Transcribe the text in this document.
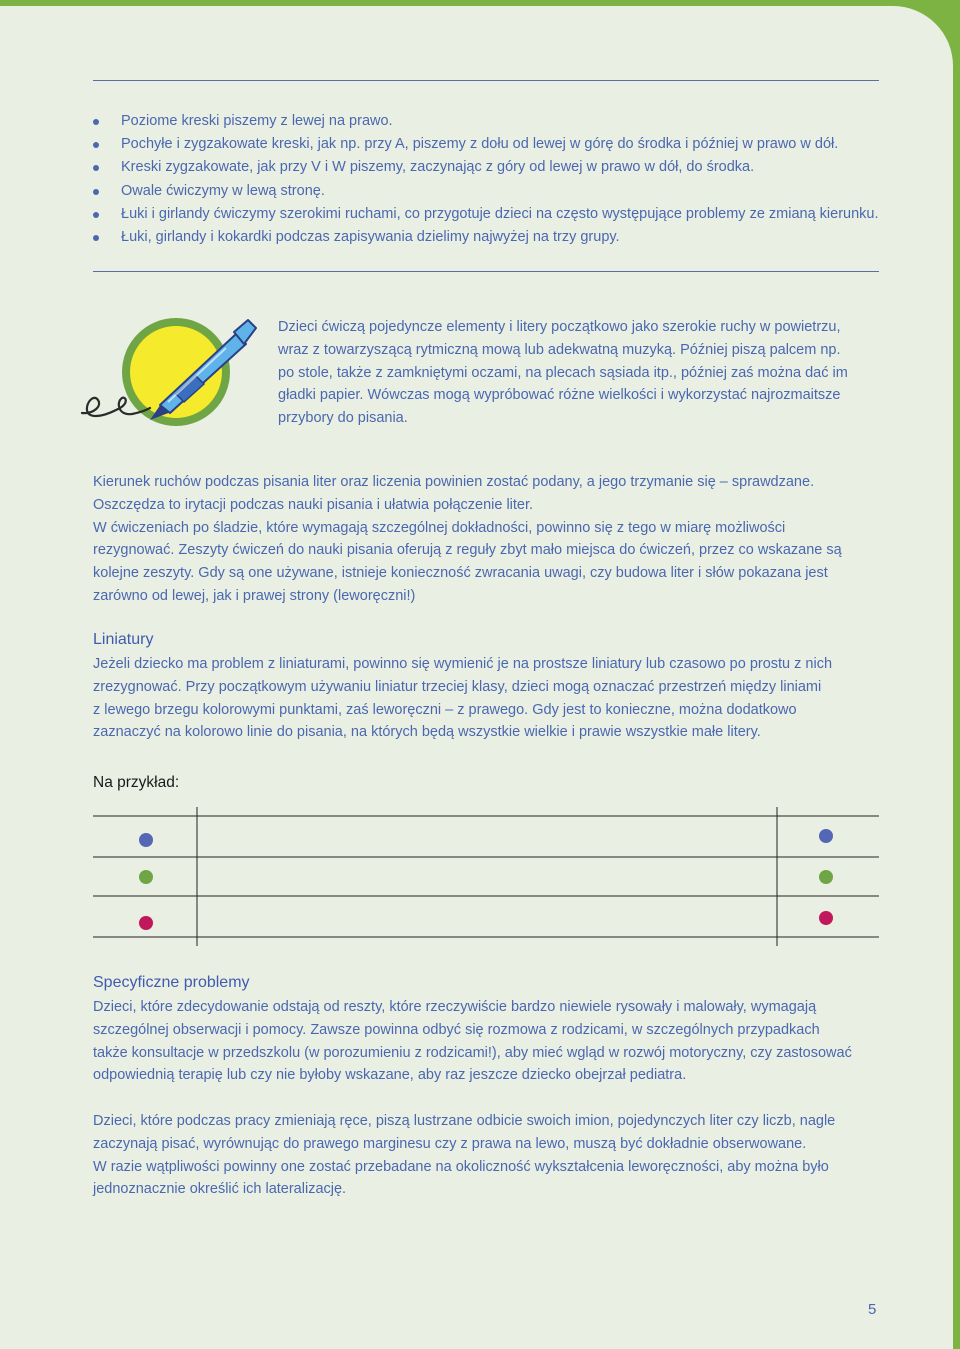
Poziome kreski piszemy z lewej na prawo.
Pochyłe i zygzakowate kreski, jak np. przy A, piszemy z dołu od lewej w górę do środka i później w prawo w dół.
Kreski zygzakowate, jak przy V i W piszemy, zaczynając z góry od lewej w prawo w dół, do środka.
Owale ćwiczymy w lewą stronę.
Łuki i girlandy ćwiczymy szerokimi ruchami, co przygotuje dzieci na często występujące problemy ze zmianą kierunku.
Łuki, girlandy i kokardki podczas zapisywania dzielimy najwyżej na trzy grupy.
Dzieci ćwiczą pojedyncze elementy i litery początkowo jako szerokie ruchy w powietrzu,
wraz z towarzyszącą rytmiczną mową lub adekwatną muzyką. Później piszą palcem np.
po stole, także z zamkniętymi oczami, na plecach sąsiada itp., później zaś można dać im
gładki papier. Wówczas mogą wypróbować różne wielkości i wykorzystać najrozmaitsze
przybory do pisania.

Kierunek ruchów podczas pisania liter oraz liczenia powinien zostać podany, a jego trzymanie się – sprawdzane.

Oszczędza to irytacji podczas nauki pisania i ułatwia połączenie liter.

W ćwiczeniach po śladzie, które wymagają szczególnej dokładności, powinno się z tego w miarę możliwości

rezygnować. Zeszyty ćwiczeń do nauki pisania oferują z reguły zbyt mało miejsca do ćwiczeń, przez co wskazane są

kolejne zeszyty. Gdy są one używane, istnieje konieczność zwracania uwagi, czy budowa liter i słów pokazana jest

zarówno od lewej, jak i prawej strony (leworęczni!)

Liniatury

Jeżeli dziecko ma problem z liniaturami, powinno się wymienić je na prostsze liniatury lub czasowo po prostu z nich

zrezygnować. Przy początkowym używaniu liniatur trzeciej klasy, dzieci mogą oznaczać przestrzeń między liniami

z lewego brzegu kolorowymi punktami, zaś leworęczni – z prawego. Gdy jest to konieczne, można dodatkowo

zaznaczyć na kolorowo linie do pisania, na których będą wszystkie wielkie i prawie wszystkie małe litery.

Na przykład:
Specyficzne problemy

Dzieci, które zdecydowanie odstają od reszty, które rzeczywiście bardzo niewiele rysowały i malowały, wymagają

szczególnej obserwacji i pomocy. Zawsze powinna odbyć się rozmowa z rodzicami, w szczególnych przypadkach

także konsultacje w przedszkolu (w porozumieniu z rodzicami!), aby mieć wgląd w rozwój motoryczny, czy zastosować

odpowiednią terapię lub czy nie byłoby wskazane, aby raz jeszcze dziecko obejrzał pediatra.

Dzieci, które podczas pracy zmieniają ręce, piszą lustrzane odbicie swoich imion, pojedynczych liter czy liczb, nagle

zaczynają pisać, wyrównując do prawego marginesu czy z prawa na lewo, muszą być dokładnie obserwowane.

W razie wątpliwości powinny one zostać przebadane na okoliczność wykształcenia leworęczności, aby można było

jednoznacznie określić ich lateralizację.

5
